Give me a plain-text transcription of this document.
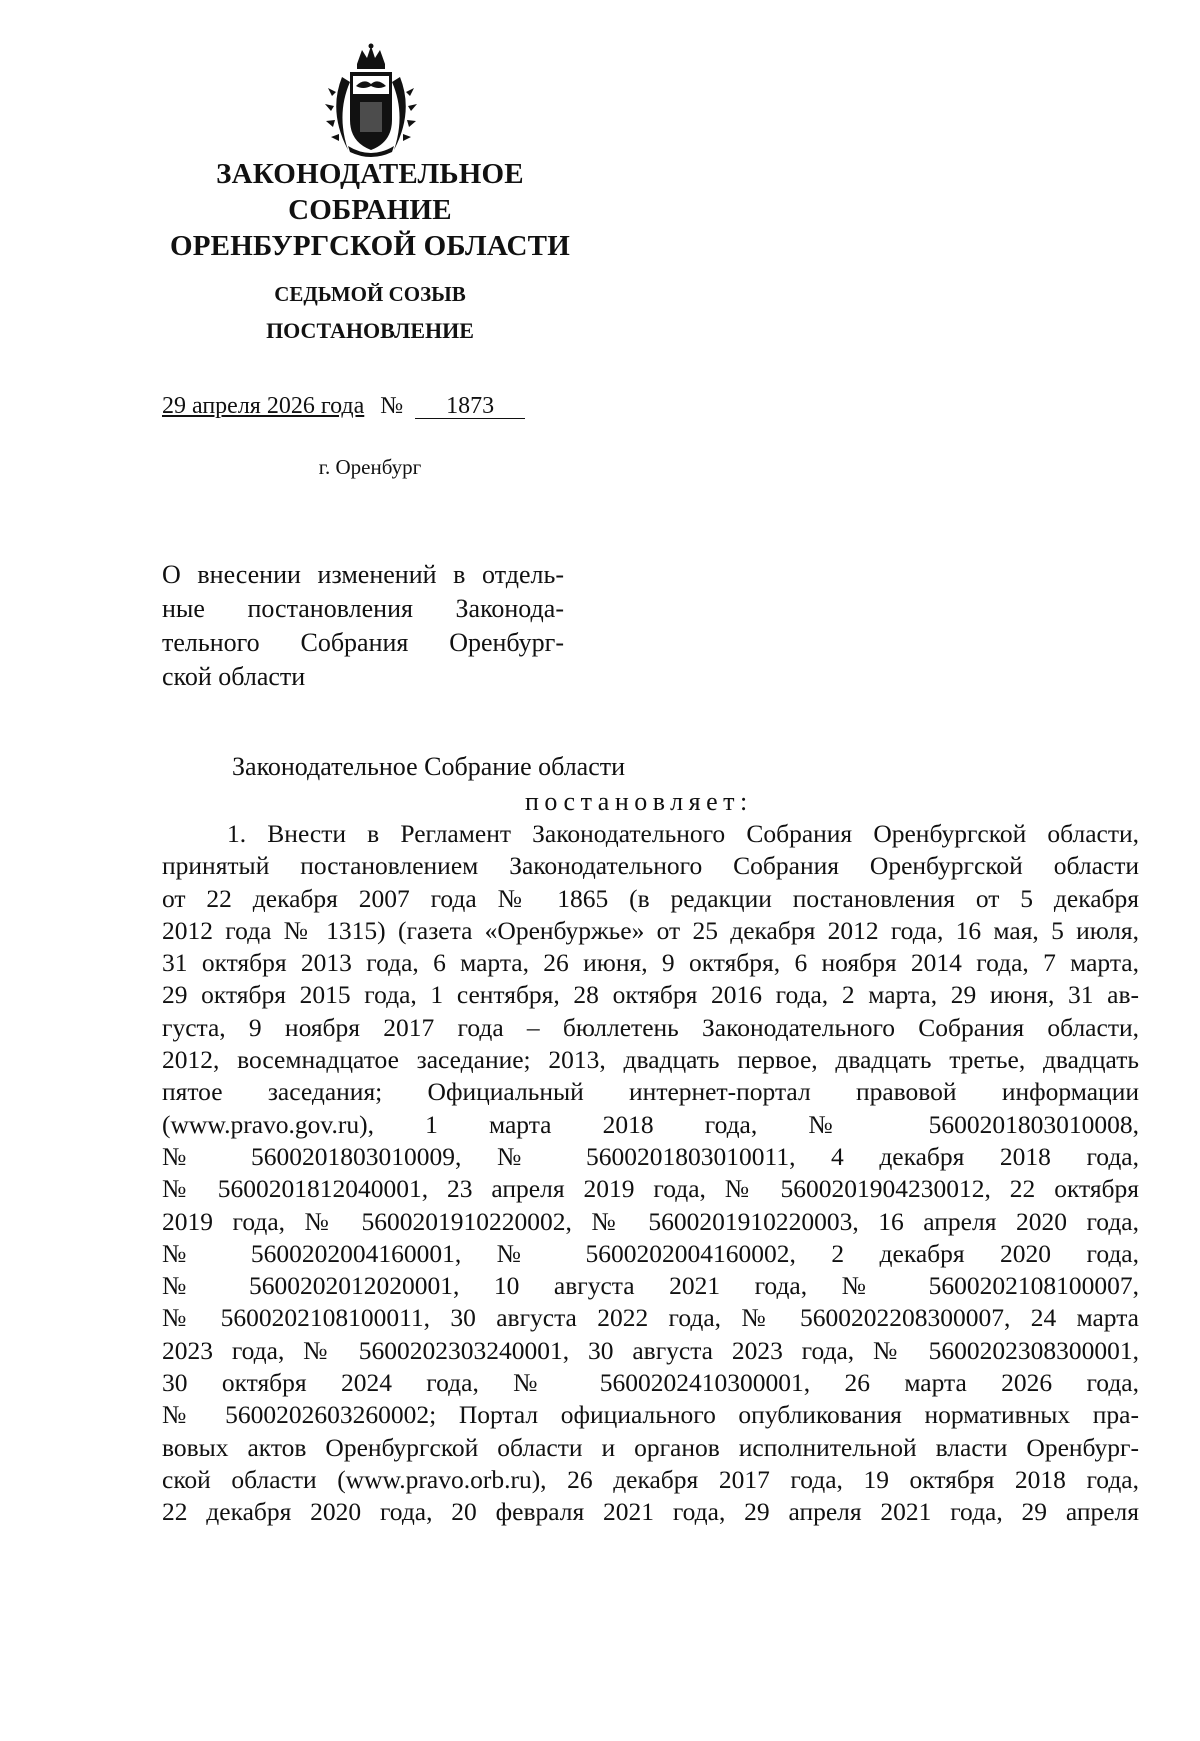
ЗАКОНОДАТЕЛЬНОЕ
СОБРАНИЕ
ОРЕНБУРГСКОЙ ОБЛАСТИ
СЕДЬМОЙ СОЗЫВ
ПОСТАНОВЛЕНИЕ
29 апреля 2026 года № 1873
г. Оренбург
О внесении изменений в отдель-
ные постановления Законода-
тельного Собрания Оренбург-
ской области
Законодательное Собрание области
постановляет:
1. Внести в Регламент Законодательного Собрания Оренбургской области,
принятый постановлением Законодательного Собрания Оренбургской области
от 22 декабря 2007 года № 1865 (в редакции постановления от 5 декабря
2012 года № 1315) (газета «Оренбуржье» от 25 декабря 2012 года, 16 мая, 5 июля,
31 октября 2013 года, 6 марта, 26 июня, 9 октября, 6 ноября 2014 года, 7 марта,
29 октября 2015 года, 1 сентября, 28 октября 2016 года, 2 марта, 29 июня, 31 ав-
густа, 9 ноября 2017 года – бюллетень Законодательного Собрания области,
2012, восемнадцатое заседание; 2013, двадцать первое, двадцать третье, двадцать
пятое заседания; Официальный интернет-портал правовой информации
(www.pravo.gov.ru), 1 марта 2018 года, № 5600201803010008,
№ 5600201803010009, № 5600201803010011, 4 декабря 2018 года,
№ 5600201812040001, 23 апреля 2019 года, № 5600201904230012, 22 октября
2019 года, № 5600201910220002, № 5600201910220003, 16 апреля 2020 года,
№ 5600202004160001, № 5600202004160002, 2 декабря 2020 года,
№ 5600202012020001, 10 августа 2021 года, № 5600202108100007,
№ 5600202108100011, 30 августа 2022 года, № 5600202208300007, 24 марта
2023 года, № 5600202303240001, 30 августа 2023 года, № 5600202308300001,
30 октября 2024 года, № 5600202410300001, 26 марта 2026 года,
№ 5600202603260002; Портал официального опубликования нормативных пра-
вовых актов Оренбургской области и органов исполнительной власти Оренбург-
ской области (www.pravo.orb.ru), 26 декабря 2017 года, 19 октября 2018 года,
22 декабря 2020 года, 20 февраля 2021 года, 29 апреля 2021 года, 29 апреля
